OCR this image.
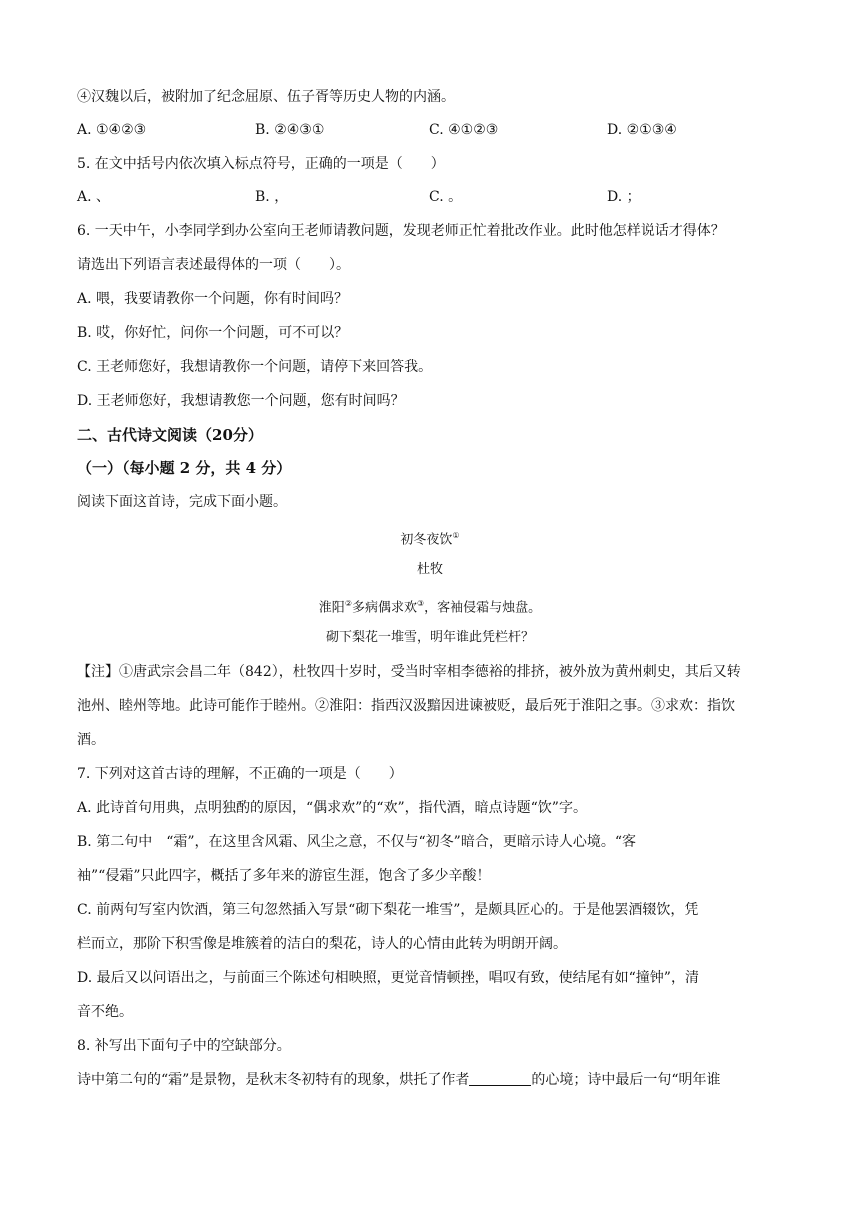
④汉魏以后，被附加了纪念屈原、伍子胥等历史人物的内涵。
A. ①④②③	B. ②④③①	C. ④①②③	D. ②①③④
5. 在文中括号内依次填入标点符号，正确的一项是（　　）
A. 、	B. ，	C. 。	D. ；
6. 一天中午，小李同学到办公室向王老师请教问题，发现老师正忙着批改作业。此时他怎样说话才得体？
请选出下列语言表述最得体的一项（　　）。
A. 喂，我要请教你一个问题，你有时间吗？
B. 哎，你好忙，问你一个问题，可不可以？
C. 王老师您好，我想请教你一个问题，请停下来回答我。
D. 王老师您好，我想请教您一个问题，您有时间吗？
二、古代诗文阅读（20分）
（一）（每小题 2 分，共 4 分）
阅读下面这首诗，完成下面小题。
初冬夜饮①
杜牧
淮阳②多病偶求欢③，客袖侵霜与烛盘。
砌下梨花一堆雪，明年谁此凭栏杆？
【注】①唐武宗会昌二年（842），杜牧四十岁时，受当时宰相李德裕的排挤，被外放为黄州刺史，其后又转
池州、睦州等地。此诗可能作于睦州。②淮阳：指西汉汲黯因进谏被贬，最后死于淮阳之事。③求欢：指饮
酒。
7. 下列对这首古诗的理解，不正确的一项是（　　）
A. 此诗首句用典，点明独酌的原因，“偶求欢”的“欢”，指代酒，暗点诗题“饮”字。
B. 第二句中　“霜”，在这里含风霜、风尘之意，不仅与“初冬”暗合，更暗示诗人心境。“客
袖”“侵霜”只此四字，概括了多年来的游宦生涯，饱含了多少辛酸！
C. 前两句写室内饮酒，第三句忽然插入写景“砌下梨花一堆雪”，是颇具匠心的。于是他罢酒辍饮，凭
栏而立，那阶下积雪像是堆簇着的洁白的梨花，诗人的心情由此转为明朗开阔。
D. 最后又以问语出之，与前面三个陈述句相映照，更觉音情顿挫，唱叹有致，使结尾有如“撞钟”，清
音不绝。
8. 补写出下面句子中的空缺部分。
诗中第二句的“霜”是景物，是秋末冬初特有的现象，烘托了作者	的心境；诗中最后一句“明年谁
